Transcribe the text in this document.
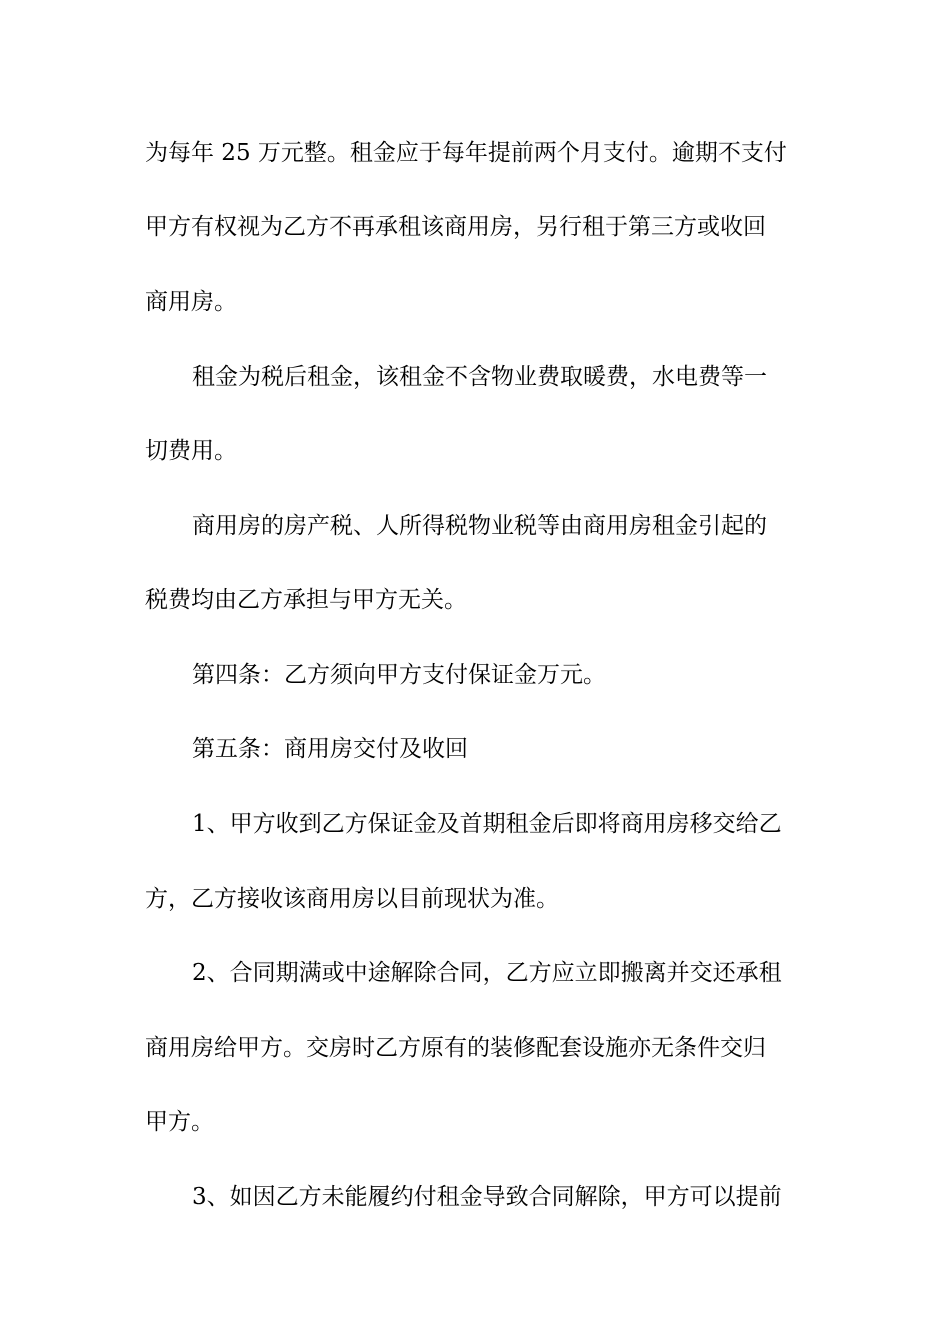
为每年 25 万元整。租金应于每年提前两个月支付。逾期不支付
甲方有权视为乙方不再承租该商用房，另行租于第三方或收回
商用房。
租金为税后租金，该租金不含物业费取暖费，水电费等一
切费用。
商用房的房产税、人所得税物业税等由商用房租金引起的
税费均由乙方承担与甲方无关。
第四条：乙方须向甲方支付保证金万元。
第五条：商用房交付及收回
1、甲方收到乙方保证金及首期租金后即将商用房移交给乙
方，乙方接收该商用房以目前现状为准。
2、合同期满或中途解除合同，乙方应立即搬离并交还承租
商用房给甲方。交房时乙方原有的装修配套设施亦无条件交归
甲方。
3、如因乙方未能履约付租金导致合同解除，甲方可以提前
